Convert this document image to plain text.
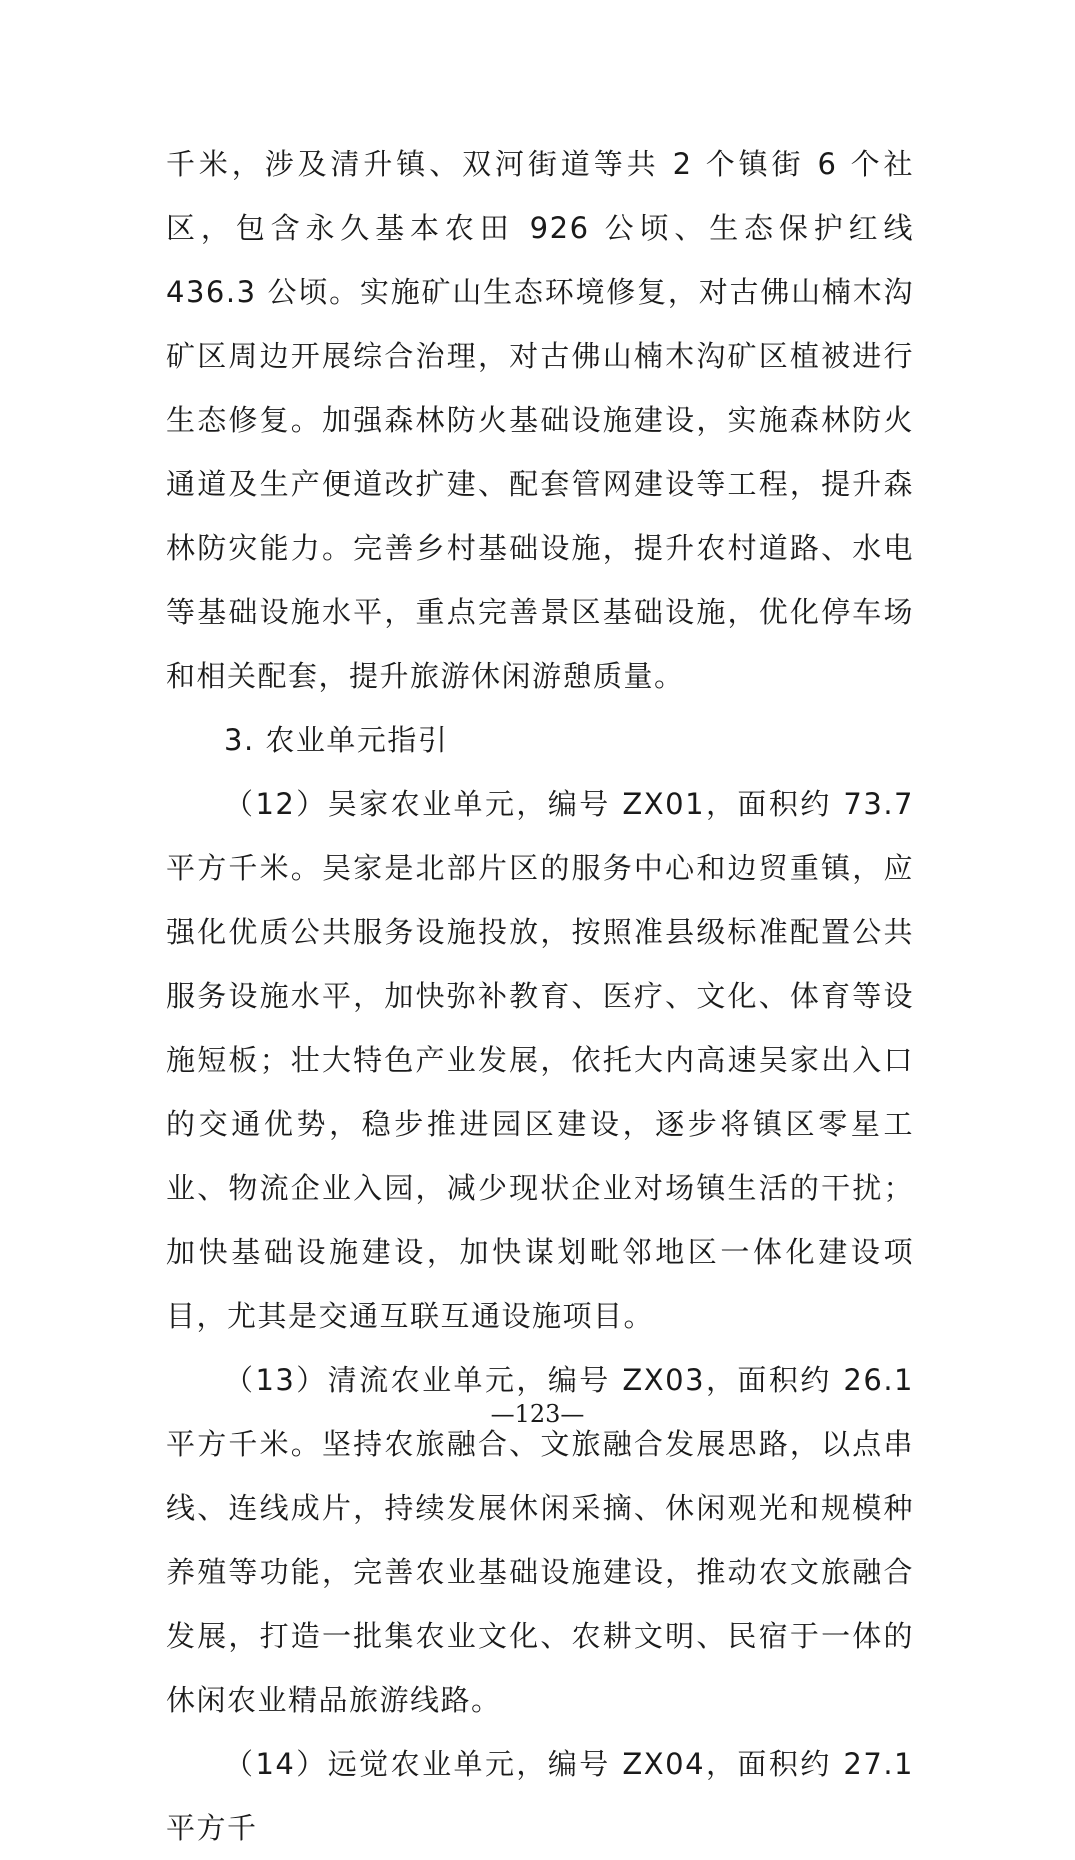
千米，涉及清升镇、双河街道等共 2 个镇街 6 个社区，包含永久基本农田 926 公顷、生态保护红线 436.3 公顷。实施矿山生态环境修复，对古佛山楠木沟矿区周边开展综合治理，对古佛山楠木沟矿区植被进行生态修复。加强森林防火基础设施建设，实施森林防火通道及生产便道改扩建、配套管网建设等工程，提升森林防灾能力。完善乡村基础设施，提升农村道路、水电等基础设施水平，重点完善景区基础设施，优化停车场和相关配套，提升旅游休闲游憩质量。

3. 农业单元指引

（12）吴家农业单元，编号 ZX01，面积约 73.7 平方千米。吴家是北部片区的服务中心和边贸重镇，应强化优质公共服务设施投放，按照准县级标准配置公共服务设施水平，加快弥补教育、医疗、文化、体育等设施短板；壮大特色产业发展，依托大内高速吴家出入口的交通优势，稳步推进园区建设，逐步将镇区零星工业、物流企业入园，减少现状企业对场镇生活的干扰；加快基础设施建设，加快谋划毗邻地区一体化建设项目，尤其是交通互联互通设施项目。

（13）清流农业单元，编号 ZX03，面积约 26.1 平方千米。坚持农旅融合、文旅融合发展思路，以点串线、连线成片，持续发展休闲采摘、休闲观光和规模种养殖等功能，完善农业基础设施建设，推动农文旅融合发展，打造一批集农业文化、农耕文明、民宿于一体的休闲农业精品旅游线路。

（14）远觉农业单元，编号 ZX04，面积约 27.1 平方千

—123—
